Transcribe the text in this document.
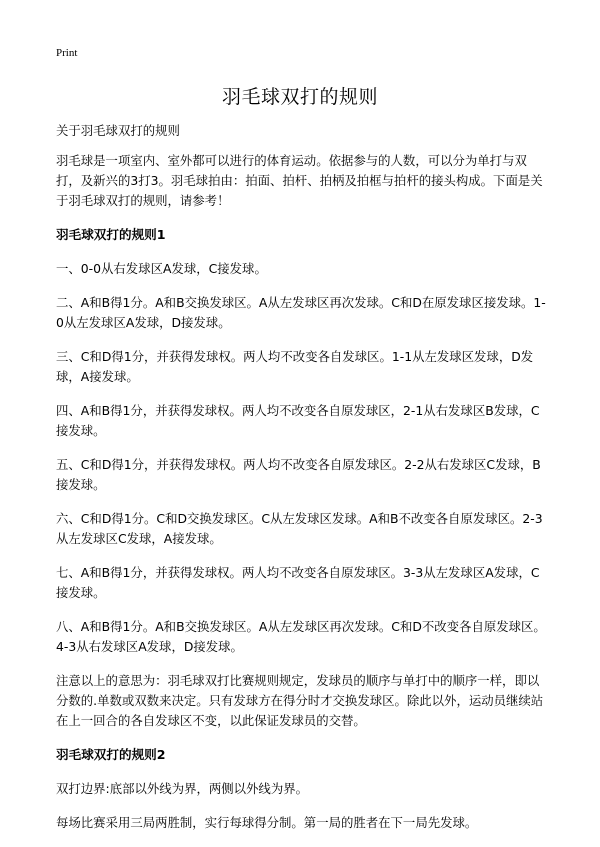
Print
羽毛球双打的规则

关于羽毛球双打的规则

羽毛球是一项室内、室外都可以进行的体育运动。依据参与的人数，可以分为单打与双打，及新兴的3打3。羽毛球拍由：拍面、拍杆、拍柄及拍框与拍杆的接头构成。下面是关于羽毛球双打的规则，请参考！

羽毛球双打的规则1

一、0-0从右发球区A发球，C接发球。

二、A和B得1分。A和B交换发球区。A从左发球区再次发球。C和D在原发球区接发球。1-0从左发球区A发球，D接发球。

三、C和D得1分，并获得发球权。两人均不改变各自发球区。1-1从左发球区发球，D发球，A接发球。

四、A和B得1分，并获得发球权。两人均不改变各自原发球区，2-1从右发球区B发球，C接发球。

五、C和D得1分，并获得发球权。两人均不改变各自原发球区。2-2从右发球区C发球，B接发球。

六、C和D得1分。C和D交换发球区。C从左发球区发球。A和B不改变各自原发球区。2-3从左发球区C发球，A接发球。

七、A和B得1分，并获得发球权。两人均不改变各自原发球区。3-3从左发球区A发球，C接发球。

八、A和B得1分。A和B交换发球区。A从左发球区再次发球。C和D不改变各自原发球区。4-3从右发球区A发球，D接发球。

注意以上的意思为：羽毛球双打比赛规则规定，发球员的顺序与单打中的顺序一样，即以分数的.单数或双数来决定。只有发球方在得分时才交换发球区。除此以外，运动员继续站在上一回合的各自发球区不变，以此保证发球员的交替。

羽毛球双打的规则2

双打边界:底部以外线为界，两侧以外线为界。

每场比赛采用三局两胜制，实行每球得分制。第一局的胜者在下一局先发球。
